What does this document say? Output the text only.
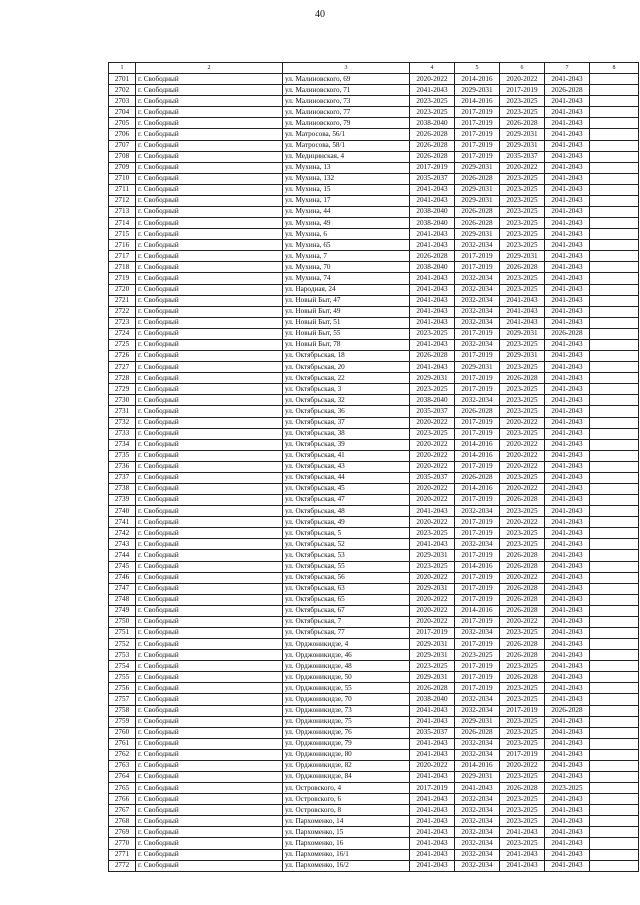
40
1	2	3	4	5	6	7	8
2701	г. Свободный	ул. Малиновского, 69	2020-2022	2014-2016	2020-2022	2041-2043	
2702	г. Свободный	ул. Малиновского, 71	2041-2043	2029-2031	2017-2019	2026-2028	
2703	г. Свободный	ул. Малиновского, 73	2023-2025	2014-2016	2023-2025	2041-2043	
2704	г. Свободный	ул. Малиновского, 77	2023-2025	2017-2019	2023-2025	2041-2043	
2705	г. Свободный	ул. Малиновского, 79	2038-2040	2017-2019	2026-2028	2041-2043	
2706	г. Свободный	ул. Матросова, 56/1	2026-2028	2017-2019	2029-2031	2041-2043	
2707	г. Свободный	ул. Матросова, 58/1	2026-2028	2017-2019	2029-2031	2041-2043	
2708	г. Свободный	ул. Медицинская, 4	2026-2028	2017-2019	2035-2037	2041-2043	
2709	г. Свободный	ул. Мухина, 13	2017-2019	2029-2031	2020-2022	2041-2043	
2710	г. Свободный	ул. Мухина, 132	2035-2037	2026-2028	2023-2025	2041-2043	
2711	г. Свободный	ул. Мухина, 15	2041-2043	2029-2031	2023-2025	2041-2043	
2712	г. Свободный	ул. Мухина, 17	2041-2043	2029-2031	2023-2025	2041-2043	
2713	г. Свободный	ул. Мухина, 44	2038-2040	2026-2028	2023-2025	2041-2043	
2714	г. Свободный	ул. Мухина, 49	2038-2040	2026-2028	2023-2025	2041-2043	
2715	г. Свободный	ул. Мухина, 6	2041-2043	2029-2031	2023-2025	2041-2043	
2716	г. Свободный	ул. Мухина, 65	2041-2043	2032-2034	2023-2025	2041-2043	
2717	г. Свободный	ул. Мухина, 7	2026-2028	2017-2019	2029-2031	2041-2043	
2718	г. Свободный	ул. Мухина, 70	2038-2040	2017-2019	2026-2028	2041-2043	
2719	г. Свободный	ул. Мухина, 74	2041-2043	2032-2034	2023-2025	2041-2043	
2720	г. Свободный	ул. Народная, 24	2041-2043	2032-2034	2023-2025	2041-2043	
2721	г. Свободный	ул. Новый Быт, 47	2041-2043	2032-2034	2041-2043	2041-2043	
2722	г. Свободный	ул. Новый Быт, 49	2041-2043	2032-2034	2041-2043	2041-2043	
2723	г. Свободный	ул. Новый Быт, 51	2041-2043	2032-2034	2041-2043	2041-2043	
2724	г. Свободный	ул. Новый Быт, 55	2023-2025	2017-2019	2029-2031	2026-2028	
2725	г. Свободный	ул. Новый Быт, 78	2041-2043	2032-2034	2023-2025	2041-2043	
2726	г. Свободный	ул. Октябрьская, 18	2026-2028	2017-2019	2029-2031	2041-2043	
2727	г. Свободный	ул. Октябрьская, 20	2041-2043	2029-2031	2023-2025	2041-2043	
2728	г. Свободный	ул. Октябрьская, 22	2029-2031	2017-2019	2026-2028	2041-2043	
2729	г. Свободный	ул. Октябрьская, 3	2023-2025	2017-2019	2023-2025	2041-2043	
2730	г. Свободный	ул. Октябрьская, 32	2038-2040	2032-2034	2023-2025	2041-2043	
2731	г. Свободный	ул. Октябрьская, 36	2035-2037	2026-2028	2023-2025	2041-2043	
2732	г. Свободный	ул. Октябрьская, 37	2020-2022	2017-2019	2020-2022	2041-2043	
2733	г. Свободный	ул. Октябрьская, 38	2023-2025	2017-2019	2023-2025	2041-2043	
2734	г. Свободный	ул. Октябрьская, 39	2020-2022	2014-2016	2020-2022	2041-2043	
2735	г. Свободный	ул. Октябрьская, 41	2020-2022	2014-2016	2020-2022	2041-2043	
2736	г. Свободный	ул. Октябрьская, 43	2020-2022	2017-2019	2020-2022	2041-2043	
2737	г. Свободный	ул. Октябрьская, 44	2035-2037	2026-2028	2023-2025	2041-2043	
2738	г. Свободный	ул. Октябрьская, 45	2020-2022	2014-2016	2020-2022	2041-2043	
2739	г. Свободный	ул. Октябрьская, 47	2020-2022	2017-2019	2026-2028	2041-2043	
2740	г. Свободный	ул. Октябрьская, 48	2041-2043	2032-2034	2023-2025	2041-2043	
2741	г. Свободный	ул. Октябрьская, 49	2020-2022	2017-2019	2020-2022	2041-2043	
2742	г. Свободный	ул. Октябрьская, 5	2023-2025	2017-2019	2023-2025	2041-2043	
2743	г. Свободный	ул. Октябрьская, 52	2041-2043	2032-2034	2023-2025	2041-2043	
2744	г. Свободный	ул. Октябрьская, 53	2029-2031	2017-2019	2026-2028	2041-2043	
2745	г. Свободный	ул. Октябрьская, 55	2023-2025	2014-2016	2026-2028	2041-2043	
2746	г. Свободный	ул. Октябрьская, 56	2020-2022	2017-2019	2020-2022	2041-2043	
2747	г. Свободный	ул. Октябрьская, 63	2029-2031	2017-2019	2026-2028	2041-2043	
2748	г. Свободный	ул. Октябрьская, 65	2020-2022	2017-2019	2026-2028	2041-2043	
2749	г. Свободный	ул. Октябрьская, 67	2020-2022	2014-2016	2026-2028	2041-2043	
2750	г. Свободный	ул. Октябрьская, 7	2020-2022	2017-2019	2020-2022	2041-2043	
2751	г. Свободный	ул. Октябрьская, 77	2017-2019	2032-2034	2023-2025	2041-2043	
2752	г. Свободный	ул. Орджоникидзе, 4	2029-2031	2017-2019	2026-2028	2041-2043	
2753	г. Свободный	ул. Орджоникидзе, 46	2029-2031	2023-2025	2026-2028	2041-2043	
2754	г. Свободный	ул. Орджоникидзе, 48	2023-2025	2017-2019	2023-2025	2041-2043	
2755	г. Свободный	ул. Орджоникидзе, 50	2029-2031	2017-2019	2026-2028	2041-2043	
2756	г. Свободный	ул. Орджоникидзе, 55	2026-2028	2017-2019	2023-2025	2041-2043	
2757	г. Свободный	ул. Орджоникидзе, 70	2038-2040	2032-2034	2023-2025	2041-2043	
2758	г. Свободный	ул. Орджоникидзе, 73	2041-2043	2032-2034	2017-2019	2026-2028	
2759	г. Свободный	ул. Орджоникидзе, 75	2041-2043	2029-2031	2023-2025	2041-2043	
2760	г. Свободный	ул. Орджоникидзе, 76	2035-2037	2026-2028	2023-2025	2041-2043	
2761	г. Свободный	ул. Орджоникидзе, 79	2041-2043	2032-2034	2023-2025	2041-2043	
2762	г. Свободный	ул. Орджоникидзе, 80	2041-2043	2032-2034	2017-2019	2041-2043	
2763	г. Свободный	ул. Орджоникидзе, 82	2020-2022	2014-2016	2020-2022	2041-2043	
2764	г. Свободный	ул. Орджоникидзе, 84	2041-2043	2029-2031	2023-2025	2041-2043	
2765	г. Свободный	ул. Островского, 4	2017-2019	2041-2043	2026-2028	2023-2025	
2766	г. Свободный	ул. Островского, 6	2041-2043	2032-2034	2023-2025	2041-2043	
2767	г. Свободный	ул. Островского, 8	2041-2043	2032-2034	2023-2025	2041-2043	
2768	г. Свободный	ул. Пархоменко, 14	2041-2043	2032-2034	2023-2025	2041-2043	
2769	г. Свободный	ул. Пархоменко, 15	2041-2043	2032-2034	2041-2043	2041-2043	
2770	г. Свободный	ул. Пархоменко, 16	2041-2043	2032-2034	2023-2025	2041-2043	
2771	г. Свободный	ул. Пархоменко, 16/1	2041-2043	2032-2034	2041-2043	2041-2043	
2772	г. Свободный	ул. Пархоменко, 16/2	2041-2043	2032-2034	2041-2043	2041-2043	
